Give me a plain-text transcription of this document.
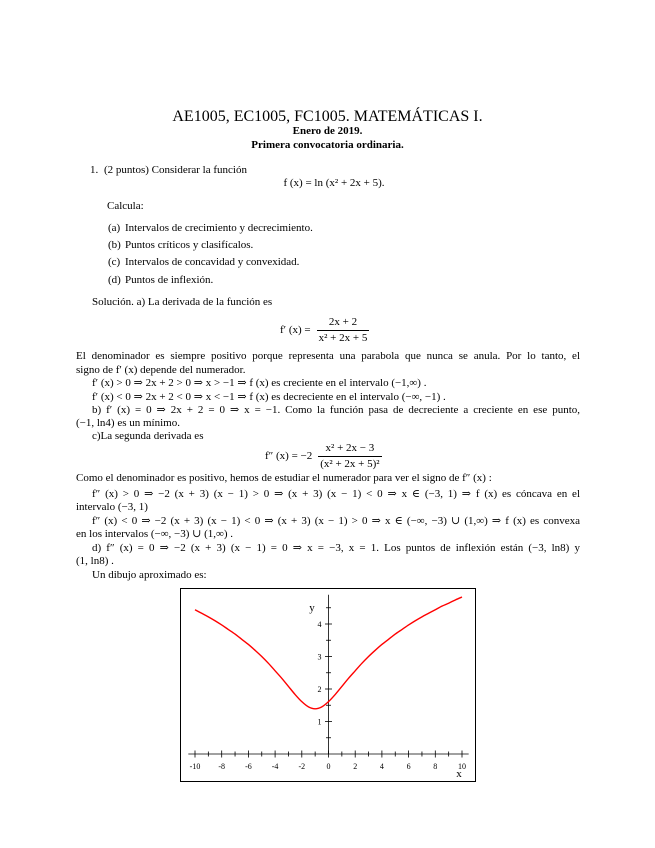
AE1005, EC1005, FC1005. MATEMÁTICAS I.
Enero de 2019.
Primera convocatoria ordinaria.
1. (2 puntos) Considerar la función
f (x) = ln (x² + 2x + 5).
Calcula:
(a) Intervalos de crecimiento y decrecimiento.
(b) Puntos críticos y clasifícalos.
(c) Intervalos de concavidad y convexidad.
(d) Puntos de inflexión.
Solución. a) La derivada de la función es
f′ $(x) = \frac{2x + 2}{\text{x² + 2x + 5}}$
El denominador es siempre positivo porque representa una parabola que nunca se anula. Por lo tanto, el
signo de f′ (x) depende del numerador.
f′ (x) > 0 ⇒ 2x + 2 > 0 ⇒ x > −1 ⇒ f (x) es creciente en el intervalo (−1,∞) .
f′ (x) < 0 ⇒ 2x + 2 < 0 ⇒ x < −1 ⇒ f (x) es decreciente en el intervalo (−∞, −1) .
b) f′ (x) = 0 ⇒ 2x + 2 = 0 ⇒ x = −1. Como la función pasa de decreciente a creciente en ese punto,
(−1, ln4) es un mínimo.
c)La segunda derivada es
f″ $(x) = -2 \frac{\text{x² + 2x − 3}}{\text{(x² + 2x + 5)²}}$
Como el denominador es positivo, hemos de estudiar el numerador para ver el signo de f″ (x) :
f″ (x) > 0 ⇒ −2 (x + 3) (x − 1) > 0 ⇒ (x + 3) (x − 1) < 0 ⇒ x ∈ (−3, 1) ⇒ f (x) es cóncava en el
intervalo (−3, 1)
f″ (x) < 0 ⇒ −2 (x + 3) (x − 1) < 0 ⇒ (x + 3) (x − 1) > 0 ⇒ x ∈ (−∞, −3) ∪ (1,∞) ⇒ f (x) es convexa
en los intervalos (−∞, −3) ∪ (1,∞) .
d) f″ (x) = 0 ⇒ −2 (x + 3) (x − 1) = 0 ⇒ x = −3, x = 1. Los puntos de inflexión están (−3, ln8) y
(1, ln8) .
Un dibujo aproximado es:
y
x
-10 -8	-6	-4	-2	0	2	4	6	8	10
1
2
3
4
